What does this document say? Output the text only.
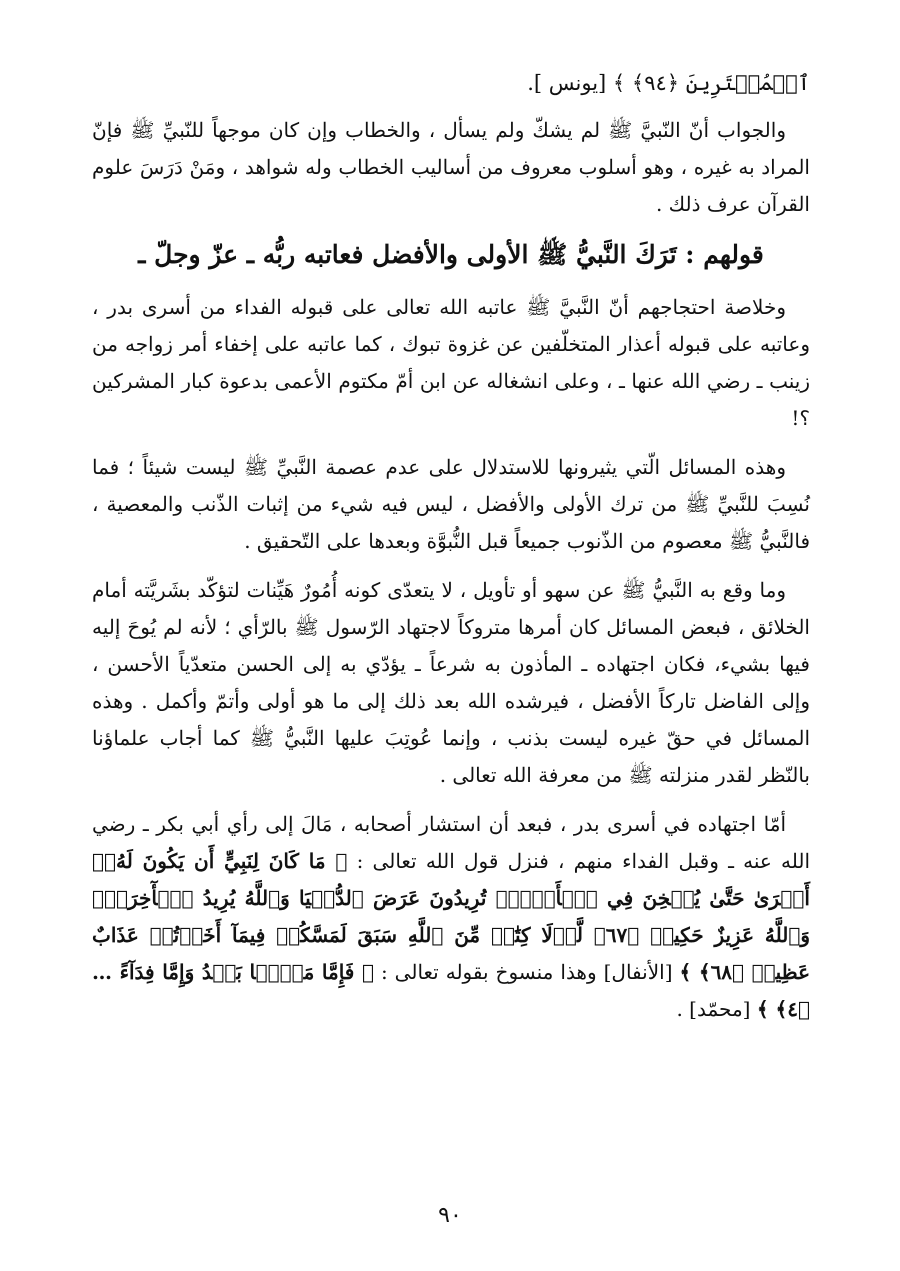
ٱلۡمُمۡتَرِينَ ﴿٩٤﴾ ﴾ [يونس ].

والجواب أنّ النّبيَّ ﷺ لم يشكّ ولم يسأل ، والخطاب وإن كان موجهاً للنّبيِّ ﷺ فإنّ المراد به غيره ، وهو أسلوب معروف من أساليب الخطاب وله شواهد ، ومَنْ دَرَسَ علوم القرآن عرف ذلك .

قولهم : تَرَكَ النَّبيُّ ﷺ الأولى والأفضل فعاتبه ربُّه ـ عزّ وجلّ ـ

وخلاصة احتجاجهم أنّ النَّبيَّ ﷺ عاتبه الله تعالى على قبوله الفداء من أسرى بدر ، وعاتبه على قبوله أعذار المتخلّفين عن غزوة تبوك ، كما عاتبه على إخفاء أمر زواجه من زينب ـ رضي الله عنها ـ ، وعلى انشغاله عن ابن أمّ مكتوم الأعمى بدعوة كبار المشركين ؟!

وهذه المسائل الّتي يثيرونها للاستدلال على عدم عصمة النَّبيِّ ﷺ ليست شيئاً ؛ فما نُسِبَ للنَّبيِّ ﷺ من ترك الأولى والأفضل ، ليس فيه شيء من إثبات الذّنب والمعصية ، فالنَّبيُّ ﷺ معصوم من الذّنوب جميعاً قبل النُّبوَّة وبعدها على التّحقيق .

وما وقع به النَّبيُّ ﷺ عن سهو أو تأويل ، لا يتعدّى كونه أُمُورٌ هَيِّنات لتؤكّد بشَريَّته أمام الخلائق ، فبعض المسائل كان أمرها متروكاً لاجتهاد الرّسول ﷺ بالرّأي ؛ لأنه لم يُوحَ إليه فيها بشيء، فكان اجتهاده ـ المأذون به شرعاً ـ يؤدّي به إلى الحسن متعدّياً الأحسن ، وإلى الفاضل تاركاً الأفضل ، فيرشده الله بعد ذلك إلى ما هو أولى وأتمّ وأكمل . وهذه المسائل في حقّ غيره ليست بذنب ، وإنما عُوتِبَ عليها النَّبيُّ ﷺ كما أجاب علماؤنا بالنّظر لقدر منزلته ﷺ من معرفة الله تعالى .

أمّا اجتهاده في أسرى بدر ، فبعد أن استشار أصحابه ، مَالَ إلى رأي أبي بكر ـ رضي الله عنه ـ وقبل الفداء منهم ، فنزل قول الله تعالى : ﴿ مَا كَانَ لِنَبِيٍّ أَن يَكُونَ لَهُۥٓ أَسۡرَىٰ حَتَّىٰ يُثۡخِنَ فِي ٱلۡأَرۡضِۚ تُرِيدُونَ عَرَضَ ٱلدُّنۡيَا وَٱللَّهُ يُرِيدُ ٱلۡأٓخِرَةَۗ وَٱللَّهُ عَزِيزٌ حَكِيمٞ ﴿٦٧﴾ لَّوۡلَا كِتَٰبٞ مِّنَ ٱللَّهِ سَبَقَ لَمَسَّكُمۡ فِيمَآ أَخَذۡتُمۡ عَذَابٌ عَظِيمٞ ﴿٦٨﴾ ﴾ [الأنفال] وهذا منسوخ بقوله تعالى : ﴿ فَإِمَّا مَنَّۢا بَعۡدُ وَإِمَّا فِدَآءً … ﴿٤﴾ ﴾ [محمّد] .

٩٠
